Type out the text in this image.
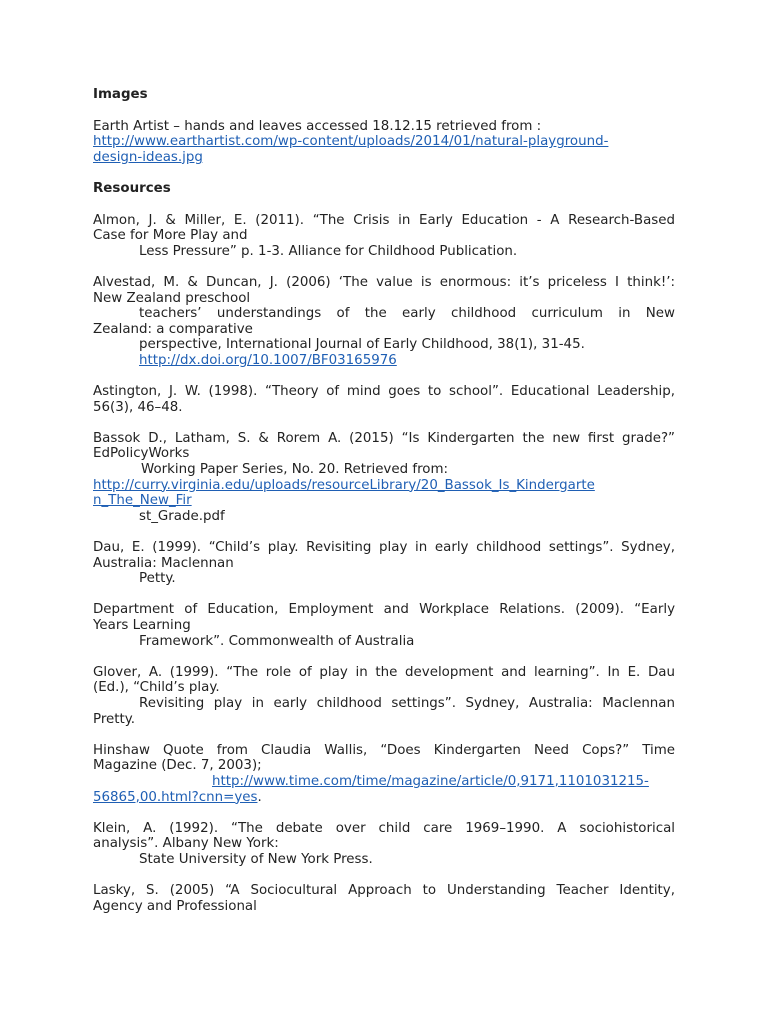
Images
Earth Artist – hands and leaves accessed 18.12.15 retrieved from :
http://www.earthartist.com/wp-content/uploads/2014/01/natural-playground-
design-ideas.jpg
Resources
Almon, J. & Miller, E. (2011). “The Crisis in Early Education - A Research-Based
Case for More Play and
Less Pressure” p. 1-3. Alliance for Childhood Publication.
Alvestad, M. & Duncan, J. (2006) ‘The value is enormous: it’s priceless I think!’:
New Zealand preschool
teachers’ understandings of the early childhood curriculum in New
Zealand: a comparative
perspective, International Journal of Early Childhood, 38(1), 31-45.
http://dx.doi.org/10.1007/BF03165976
Astington, J. W. (1998). “Theory of mind goes to school”. Educational Leadership,
56(3), 46–48.
Bassok D., Latham, S. & Rorem A. (2015) “Is Kindergarten the new first grade?”
EdPolicyWorks
Working Paper Series, No. 20. Retrieved from:
http://curry.virginia.edu/uploads/resourceLibrary/20_Bassok_Is_Kindergarte
n_The_New_Fir
st_Grade.pdf
Dau, E. (1999). “Child’s play. Revisiting play in early childhood settings”. Sydney,
Australia: Maclennan
Petty.
Department of Education, Employment and Workplace Relations. (2009). “Early
Years Learning
Framework”. Commonwealth of Australia
Glover, A. (1999). “The role of play in the development and learning”. In E. Dau
(Ed.), “Child’s play.
Revisiting play in early childhood settings”. Sydney, Australia: Maclennan
Pretty.
Hinshaw Quote from Claudia Wallis, “Does Kindergarten Need Cops?” Time
Magazine (Dec. 7, 2003);
http://www.time.com/time/magazine/article/0,9171,1101031215-
56865,00.html?cnn=yes.
Klein, A. (1992). “The debate over child care 1969–1990. A sociohistorical
analysis”. Albany New York:
State University of New York Press.
Lasky, S. (2005) “A Sociocultural Approach to Understanding Teacher Identity,
Agency and Professional
